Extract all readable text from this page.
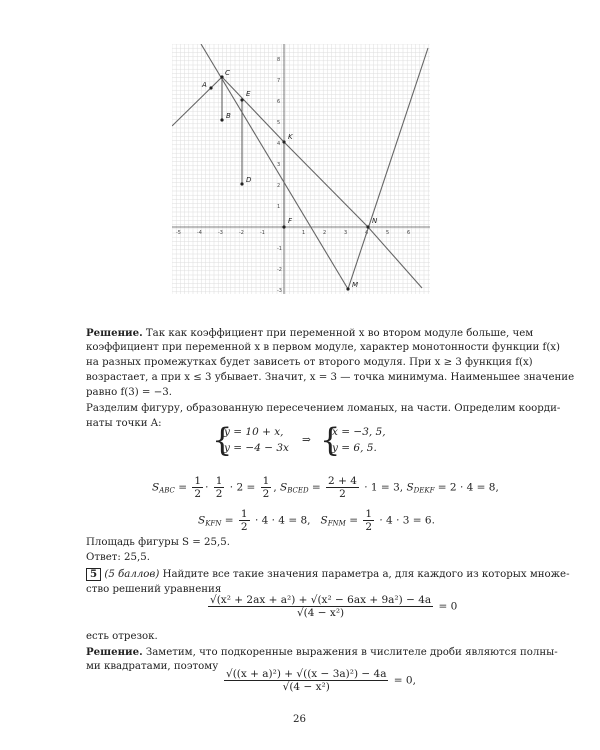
-5	-4	-3	-2	-1	1	2	3	4	5	6
8
7
6
5
4
3
2
1
-1
-2
-3
A
B
C
D
E
F
K
M
N
Решение. Так как коэффициент при переменной x во втором модуле больше, чем
коэффициент при переменной x в первом модуле, характер монотонности функции f(x)
на разных промежутках будет зависеть от второго модуля. При x ≥ 3 функция f(x)
возрастает, а при x ≤ 3 убывает. Значит, x = 3 — точка минимума. Наименьшее значение
равно f(3) = −3.
Разделим фигуру, образованную пересечением ломаных, на части. Определим коорди-
наты точки A: {
y = 10 + x,
y = −4 − 3x
⇒ {
x = −3, 5,
y = 6, 5.
$S_{ABC} = \frac{1}{2} \cdot \frac{1}{2} \cdot 2 = \frac{1}{2}$ , $S_{BCED} = \frac{2 + 4}{2} \cdot 1 = 3$, $S_{DEKF} = 2 \cdot 4 = 8$,
$S_{KFN} = \frac{1}{2} \cdot 4 \cdot 4 = 8$, $S_{FNM} = \frac{1}{2} \cdot 4 \cdot 3 = 6$.
Площадь фигуры S = 25,5.
Ответ: 25,5.
5 (5 баллов) Найдите все такие значения параметра a, для каждого из которых множе-
ство решений уравнения
$\frac{\text{√(x² + 2ax + a²) + √(x² − 6ax + 9a²) − 4a}}{\text{√(4 − x²)}} = 0$
есть отрезок.
Решение. Заметим, что подкоренные выражения в числителе дроби являются полны-
ми квадратами, поэтому
$\frac{\text{√((x + a)²) + √((x − 3a)²) − 4a}}{\text{√(4 − x²)}} = 0$,
26
